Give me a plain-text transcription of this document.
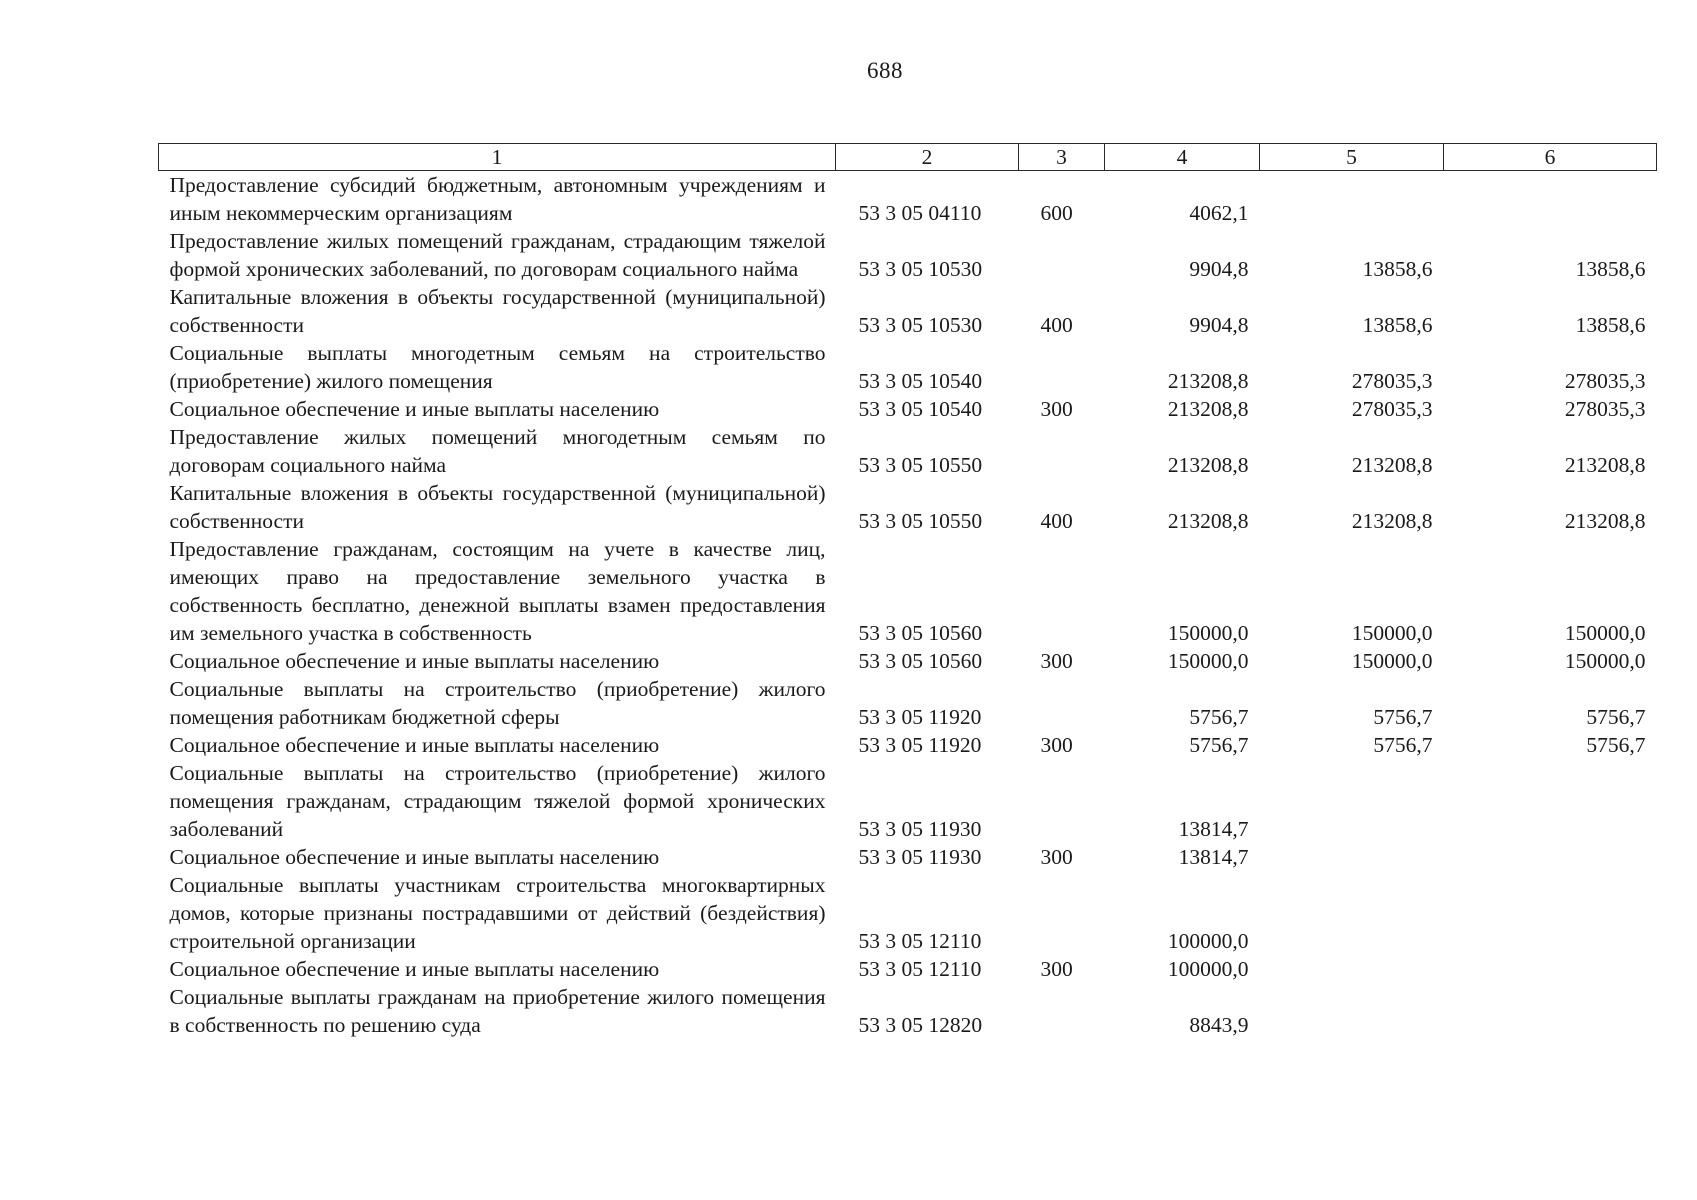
688
1	2	3	4	5	6
Предоставление субсидий бюджетным, автономным учреждениям и иным некоммерческим организациям	53 3 05 04110	600	4062,1		
Предоставление жилых помещений гражданам, страдающим тяжелой формой хронических заболеваний, по договорам социального найма	53 3 05 10530		9904,8	13858,6	13858,6
Капитальные вложения в объекты государственной (муниципальной) собственности	53 3 05 10530	400	9904,8	13858,6	13858,6
Социальные выплаты многодетным семьям на строительство (приобретение) жилого помещения	53 3 05 10540		213208,8	278035,3	278035,3
Социальное обеспечение и иные выплаты населению	53 3 05 10540	300	213208,8	278035,3	278035,3
Предоставление жилых помещений многодетным семьям по договорам социального найма	53 3 05 10550		213208,8	213208,8	213208,8
Капитальные вложения в объекты государственной (муниципальной) собственности	53 3 05 10550	400	213208,8	213208,8	213208,8
Предоставление гражданам, состоящим на учете в качестве лиц, имеющих право на предоставление земельного участка в собственность бесплатно, денежной выплаты взамен предоставления им земельного участка в собственность	53 3 05 10560		150000,0	150000,0	150000,0
Социальное обеспечение и иные выплаты населению	53 3 05 10560	300	150000,0	150000,0	150000,0
Социальные выплаты на строительство (приобретение) жилого помещения работникам бюджетной сферы	53 3 05 11920		5756,7	5756,7	5756,7
Социальное обеспечение и иные выплаты населению	53 3 05 11920	300	5756,7	5756,7	5756,7
Социальные выплаты на строительство (приобретение) жилого помещения гражданам, страдающим тяжелой формой хронических заболеваний	53 3 05 11930		13814,7		
Социальное обеспечение и иные выплаты населению	53 3 05 11930	300	13814,7		
Социальные выплаты участникам строительства многоквартирных домов, которые признаны пострадавшими от действий (бездействия) строительной организации	53 3 05 12110		100000,0		
Социальное обеспечение и иные выплаты населению	53 3 05 12110	300	100000,0		
Социальные выплаты гражданам на приобретение жилого помещения в собственность по решению суда	53 3 05 12820		8843,9		
